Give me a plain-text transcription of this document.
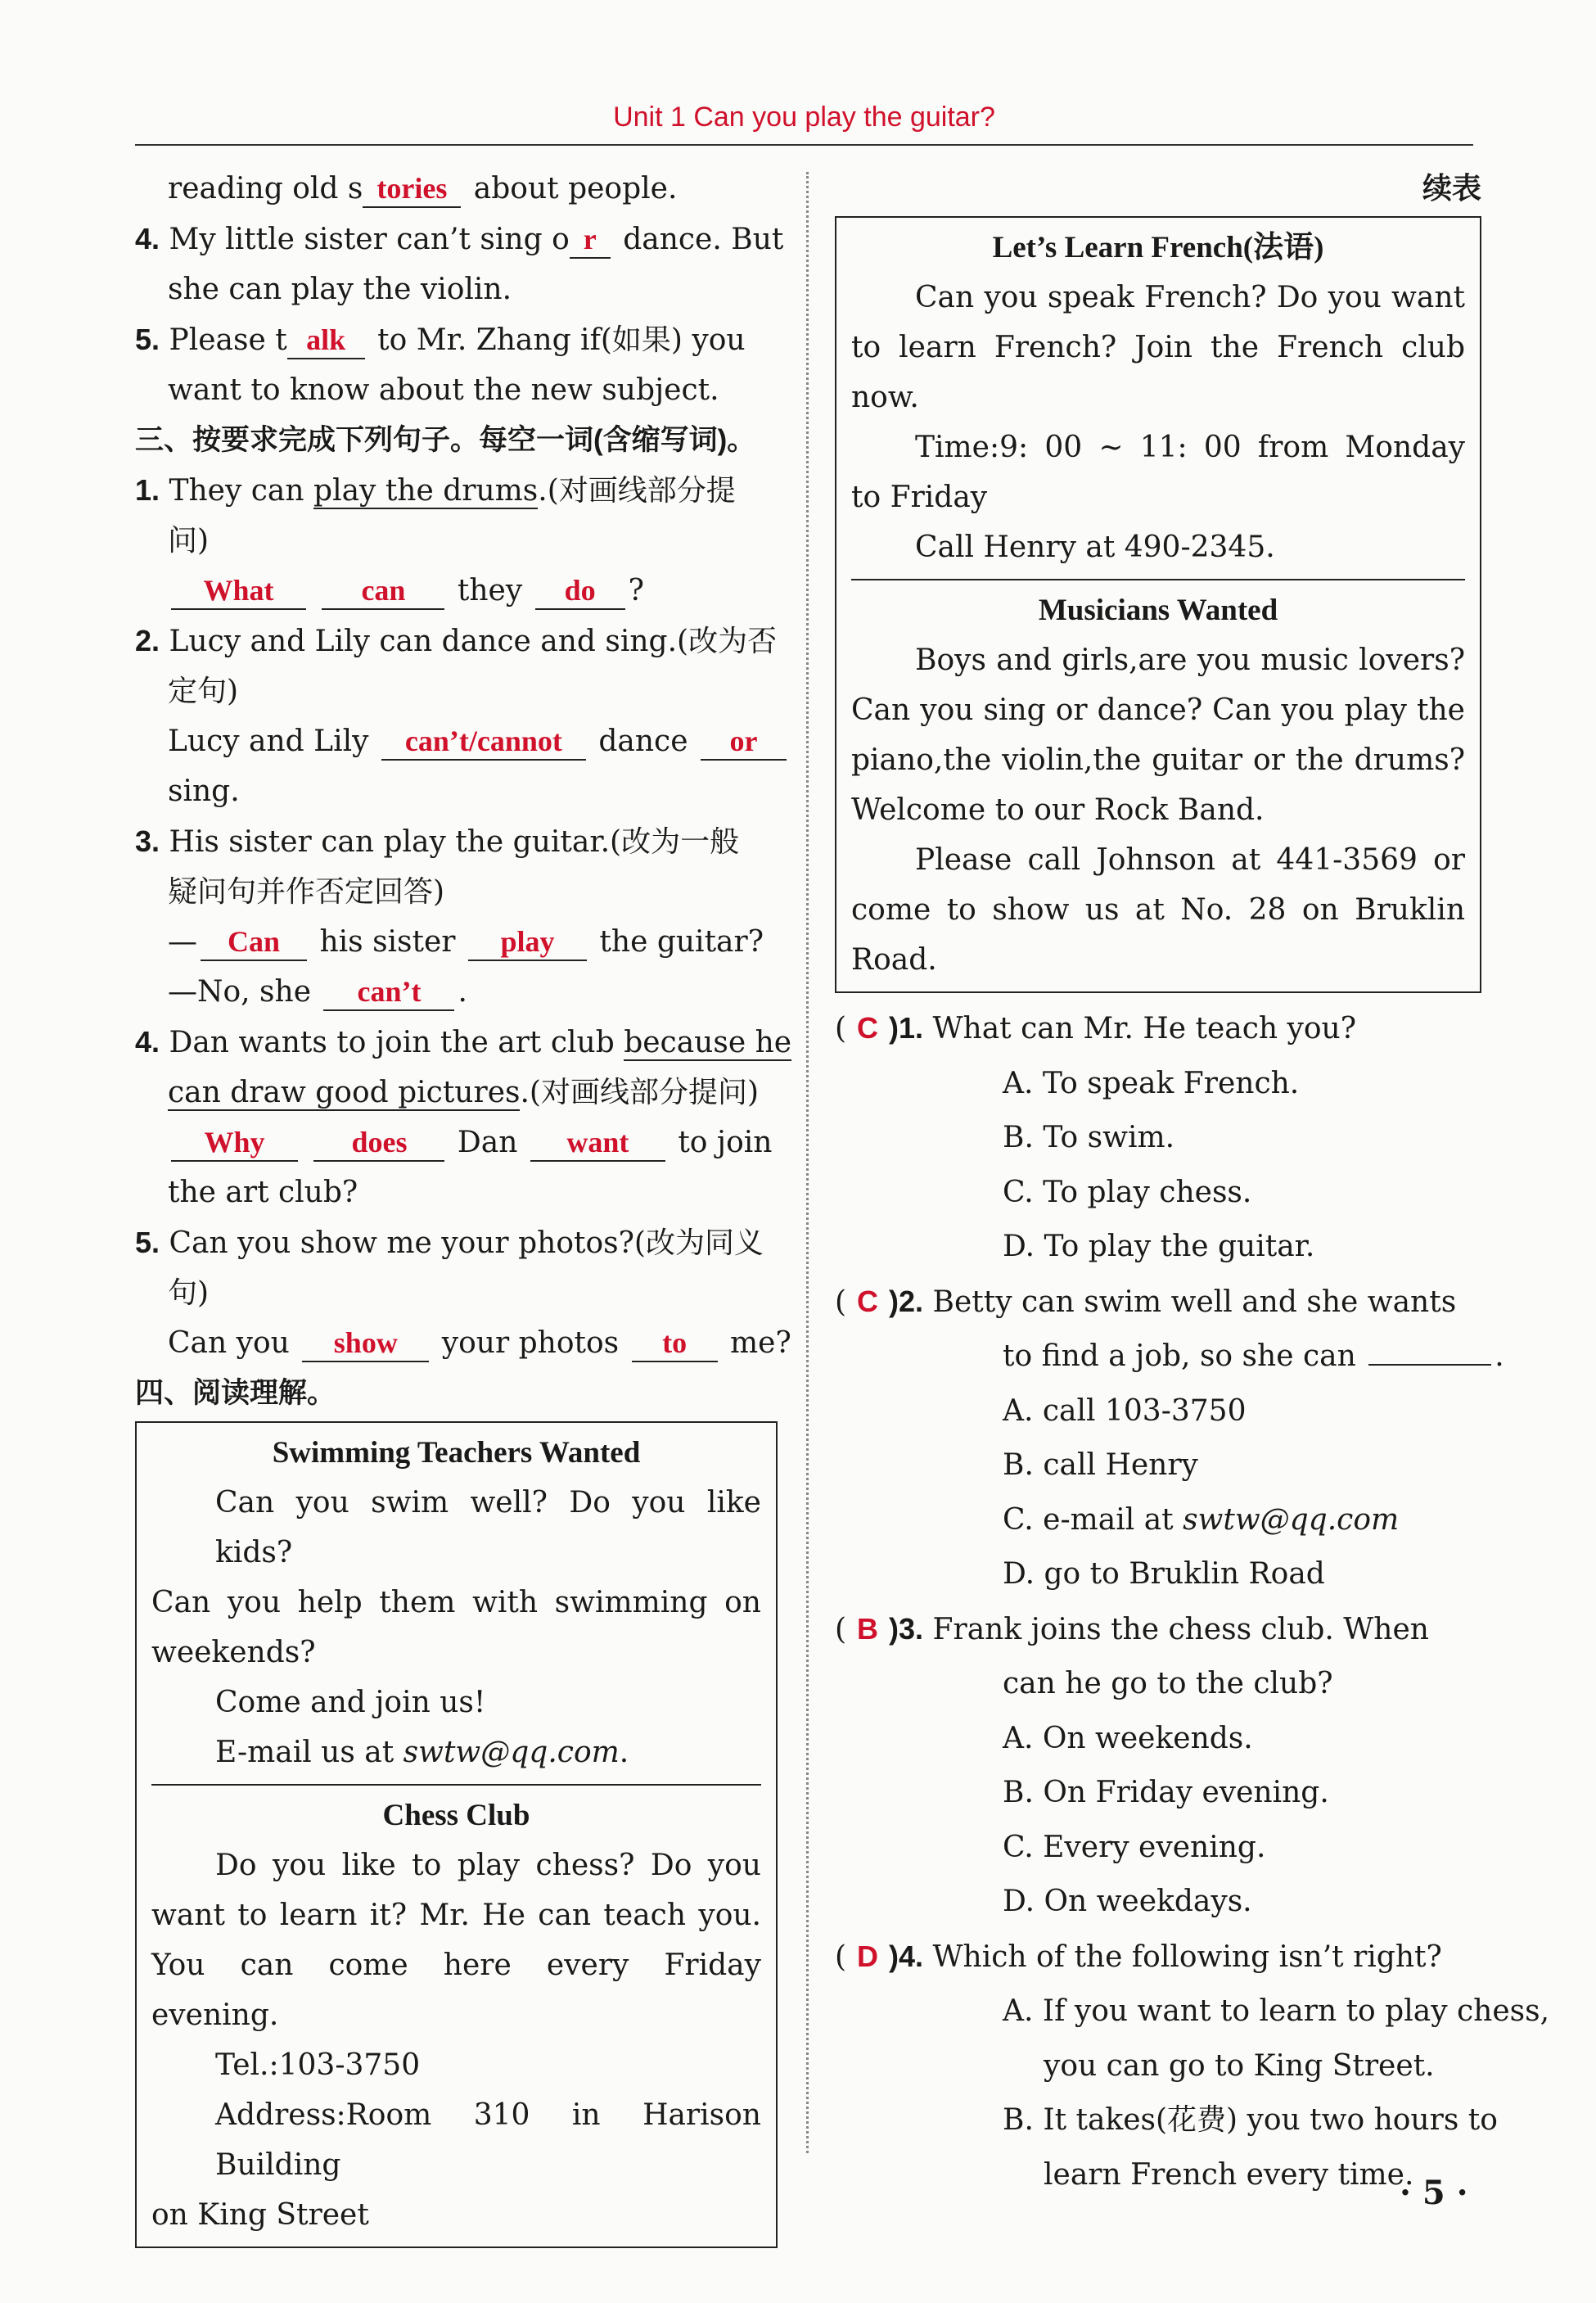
Unit 1 Can you play the guitar?
reading old s tories about people.
4. My little sister can’t sing o r dance. But
she can play the violin.
5. Please t alk to Mr. Zhang if(如果) you
want to know about the new subject.
三、按要求完成下列句子。每空一词(含缩写词)。
1. They can play the drums.(对画线部分提
问)
What	can they do ?
2. Lucy and Lily can dance and sing.(改为否
定句)
Lucy and Lily can’t/cannot dance or
sing.
3. His sister can play the guitar.(改为一般
疑问句并作否定回答)
— Can his sister play the guitar?
—No, she can’t .
4. Dan wants to join the art club because he
can draw good pictures.(对画线部分提问)
Why	does Dan want to join
the art club?
5. Can you show me your photos?(改为同义
句)
Can you show your photos to me?
四、阅读理解。
Swimming Teachers Wanted
Can you swim well? Do you like kids?
Can you help them with swimming on
weekends?
Come and join us!
E-mail us at swtw@qq.com.
Chess Club
Do you like to play chess? Do you
want to learn it? Mr. He can teach you.
You can come here every Friday evening.
Tel.:103-3750
Address:Room 310 in Harison Building
on King Street
续表
Let’s Learn French(法语)
Can you speak French? Do you want
to learn French? Join the French club now.
Time:9: 00 ~ 11: 00 from Monday
to Friday
Call Henry at 490-2345.
Musicians Wanted
Boys and girls,are you music lovers?
Can you sing or dance? Can you play the
piano,the violin,the guitar or the drums?
Welcome to our Rock Band.
Please call Johnson at 441-3569 or
come to show us at No. 28 on Bruklin
Road.
( C )1. What can Mr. He teach you?
A. To speak French.
B. To swim.
C. To play chess.
D. To play the guitar.
( C )2. Betty can swim well and she wants
to find a job, so she can	.
A. call 103-3750
B. call Henry
C. e-mail at swtw@qq.com
D. go to Bruklin Road
( B )3. Frank joins the chess club. When
can he go to the club?
A. On weekends.
B. On Friday evening.
C. Every evening.
D. On weekdays.
( D )4. Which of the following isn’t right?
A. If you want to learn to play chess,
you can go to King Street.
B. It takes(花费) you two hours to
learn French every time.
· 5 ·
